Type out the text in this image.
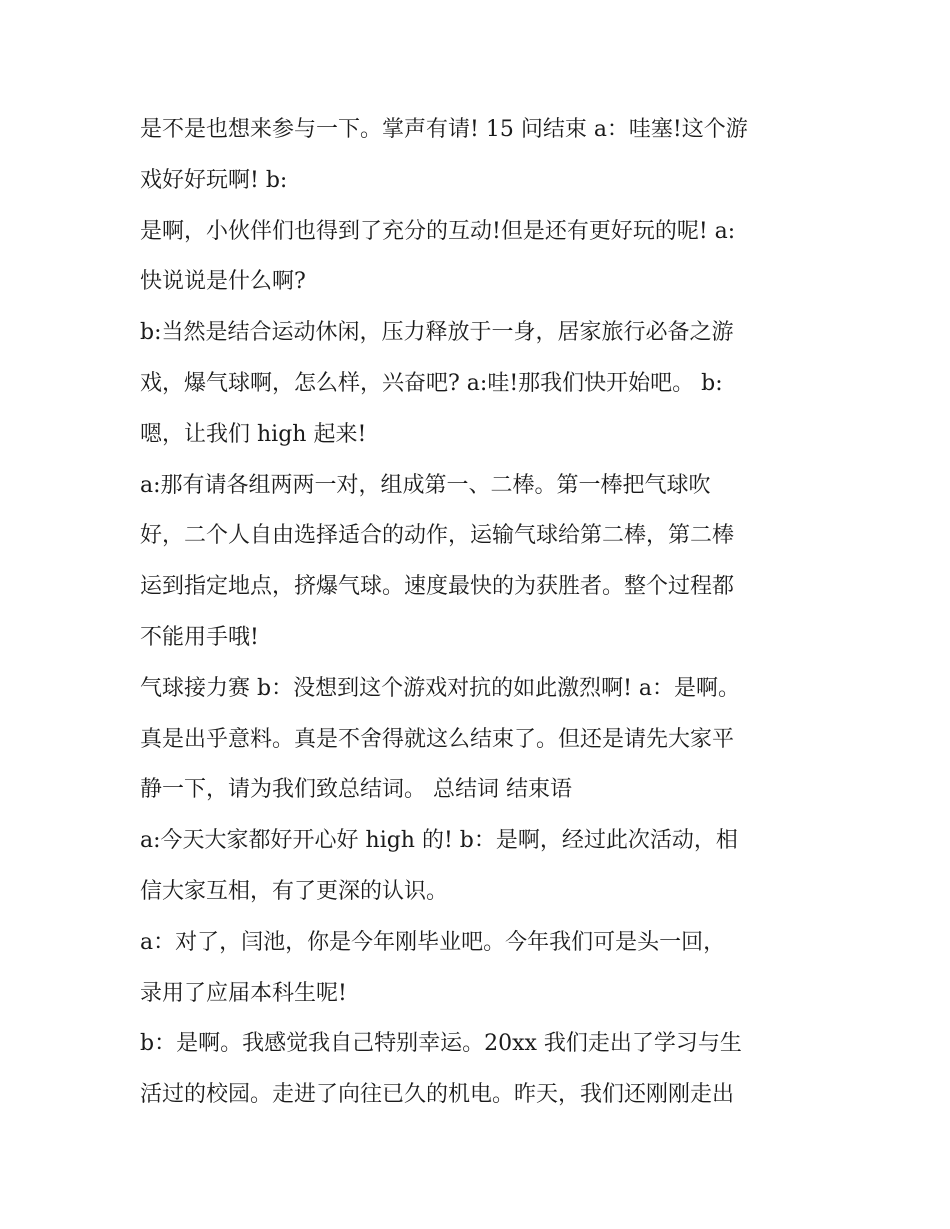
是不是也想来参与一下。掌声有请! 15 问结束 a：哇塞!这个游
戏好好玩啊! b:
是啊，小伙伴们也得到了充分的互动!但是还有更好玩的呢! a:
快说说是什么啊?
b:当然是结合运动休闲，压力释放于一身，居家旅行必备之游
戏，爆气球啊，怎么样，兴奋吧? a:哇!那我们快开始吧。 b:
嗯，让我们 high 起来!
a:那有请各组两两一对，组成第一、二棒。第一棒把气球吹
好，二个人自由选择适合的动作，运输气球给第二棒，第二棒
运到指定地点，挤爆气球。速度最快的为获胜者。整个过程都
不能用手哦!
气球接力赛 b：没想到这个游戏对抗的如此激烈啊! a：是啊。
真是出乎意料。真是不舍得就这么结束了。但还是请先大家平
静一下，请为我们致总结词。 总结词 结束语
a:今天大家都好开心好 high 的! b：是啊，经过此次活动，相
信大家互相，有了更深的认识。
a：对了，闫池，你是今年刚毕业吧。今年我们可是头一回，
录用了应届本科生呢!
b：是啊。我感觉我自己特别幸运。20xx 我们走出了学习与生
活过的校园。走进了向往已久的机电。昨天，我们还刚刚走出
